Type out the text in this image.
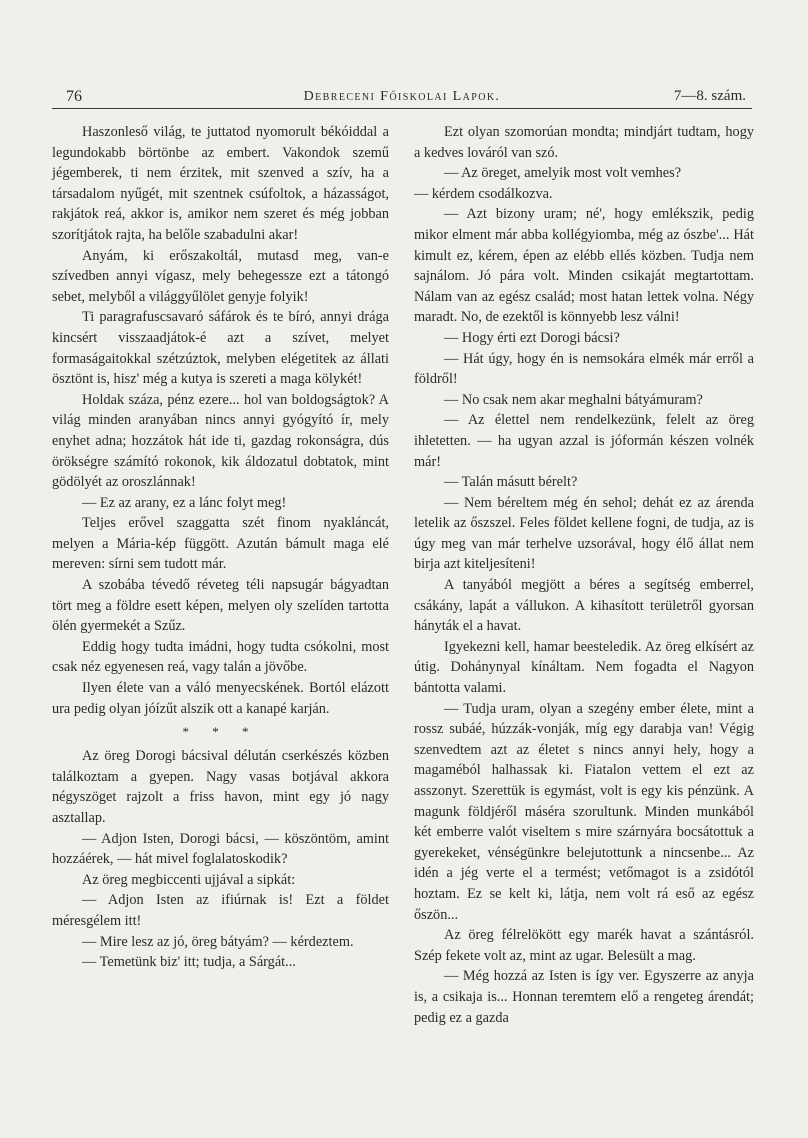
76	Debreceni Főiskolai Lapok.	7—8. szám.

Haszonleső világ, te juttatod nyomorult békóiddal a legundokabb börtönbe az embert. Vakondok szemű jégemberek, ti nem érzitek, mit szenved a szív, ha a társadalom nyűgét, mit szentnek csúfoltok, a házasságot, rakjátok reá, akkor is, amikor nem szeret és még jobban szorítjátok rajta, ha belőle szabadulni akar!

Anyám, ki erőszakoltál, mutasd meg, van-e szívedben annyi vígasz, mely behegessze ezt a tátongó sebet, melyből a világgyűlölet genyje folyik!

Ti paragrafuscsavaró sáfárok és te bíró, annyi drága kincsért visszaadjátok-é azt a szívet, melyet formaságaitokkal szétzúztok, melyben elégetitek az állati ösztönt is, hisz' még a kutya is szereti a maga kölykét!

Holdak száza, pénz ezere... hol van boldogságtok? A világ minden aranyában nincs annyi gyógyító ír, mely enyhet adna; hozzátok hát ide ti, gazdag rokonságra, dús örökségre számító rokonok, kik áldozatul dobtatok, mint gödölyét az oroszlánnak!

— Ez az arany, ez a lánc folyt meg!

Teljes erővel szaggatta szét finom nyakláncát, melyen a Mária-kép függött. Azután bámult maga elé mereven: sírni sem tudott már.

A szobába tévedő réveteg téli napsugár bágyadtan tört meg a földre esett képen, melyen oly szelíden tartotta ölén gyermekét a Szűz.

Eddig hogy tudta imádni, hogy tudta csókolni, most csak néz egyenesen reá, vagy talán a jövőbe.

Ilyen élete van a váló menyecskének. Bortól elázott ura pedig olyan jóízűt alszik ott a kanapé karján.

* * *

Az öreg Dorogi bácsival délután cserkészés közben találkoztam a gyepen. Nagy vasas botjával akkora négyszöget rajzolt a friss havon, mint egy jó nagy asztallap.

— Adjon Isten, Dorogi bácsi, — köszöntöm, amint hozzáérek, — hát mivel foglalatoskodik?

Az öreg megbiccenti ujjával a sipkát:

— Adjon Isten az ifiúrnak is! Ezt a földet méresgélem itt!

— Mire lesz az jó, öreg bátyám? — kérdeztem.

— Temetünk biz' itt; tudja, a Sárgát...

Ezt olyan szomorúan mondta; mindjárt tudtam, hogy a kedves lováról van szó.

— Az öreget, amelyik most volt vemhes?

— kérdem csodálkozva.

— Azt bizony uram; né', hogy emlékszik, pedig mikor elment már abba kollégyiomba, még az ószbe'... Hát kimult ez, kérem, épen az elébb ellés közben. Tudja nem sajnálom. Jó pára volt. Minden csikaját megtartottam. Nálam van az egész család; most hatan lettek volna. Négy maradt. No, de ezektől is könnyebb lesz válni!

— Hogy érti ezt Dorogi bácsi?

— Hát úgy, hogy én is nemsokára elmék már erről a földről!

— No csak nem akar meghalni bátyámuram?

— Az élettel nem rendelkezünk, felelt az öreg ihletetten. — ha ugyan azzal is jóformán készen volnék már!

— Talán másutt bérelt?

— Nem béreltem még én sehol; dehát ez az árenda letelik az őszszel. Feles földet kellene fogni, de tudja, az is úgy meg van már terhelve uzsorával, hogy élő állat nem birja azt kiteljesíteni!

A tanyából megjött a béres a segítség emberrel, csákány, lapát a vállukon. A kihasított területről gyorsan hányták el a havat.

Igyekezni kell, hamar beesteledik. Az öreg elkísért az útig. Dohánynyal kínáltam. Nem fogadta el Nagyon bántotta valami.

— Tudja uram, olyan a szegény ember élete, mint a rossz subáé, húzzák-vonják, míg egy darabja van! Végig szenvedtem azt az életet s nincs annyi hely, hogy a magaméból halhassak ki. Fiatalon vettem el ezt az asszonyt. Szerettük is egymást, volt is egy kis pénzünk. A magunk földjéről máséra szorultunk. Minden munkából két emberre valót viseltem s mire szárnyára bocsátottuk a gyerekeket, vénségünkre belejutottunk a nincsenbe... Az idén a jég verte el a termést; vetőmagot is a zsidótól hoztam. Ez se kelt ki, látja, nem volt rá eső az egész őszön...

Az öreg félrelökött egy marék havat a szántásról. Szép fekete volt az, mint az ugar. Belesült a mag.

— Még hozzá az Isten is így ver. Egyszerre az anyja is, a csikaja is... Honnan teremtem elő a rengeteg árendát; pedig ez a gazda
